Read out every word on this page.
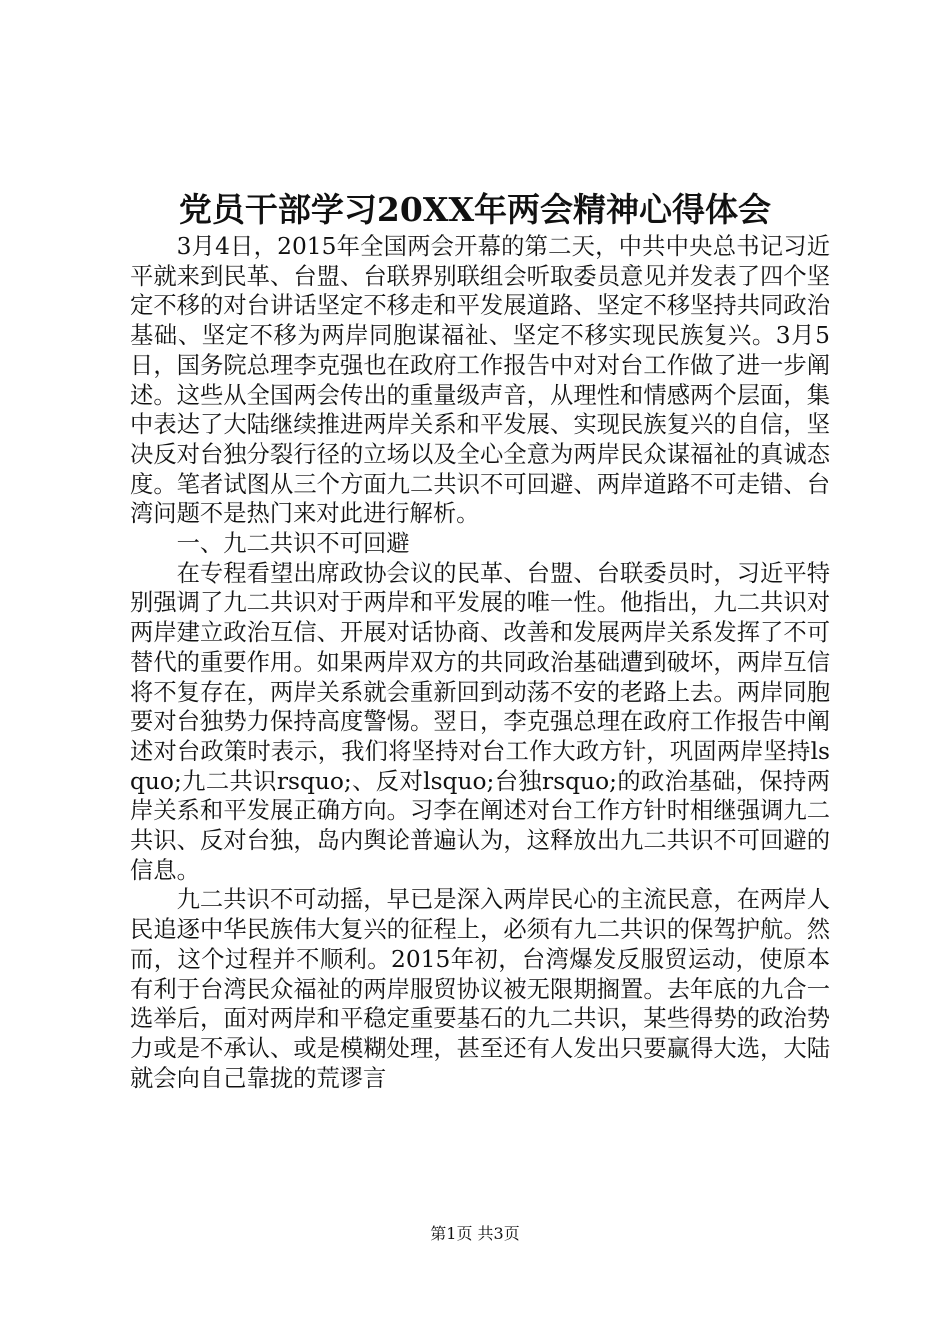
党员干部学习20XX年两会精神心得体会

3月4日，2015年全国两会开幕的第二天，中共中央总书记习近平就来到民革、台盟、台联界别联组会听取委员意见并发表了四个坚定不移的对台讲话坚定不移走和平发展道路、坚定不移坚持共同政治基础、坚定不移为两岸同胞谋福祉、坚定不移实现民族复兴。3月5日，国务院总理李克强也在政府工作报告中对对台工作做了进一步阐述。这些从全国两会传出的重量级声音，从理性和情感两个层面，集中表达了大陆继续推进两岸关系和平发展、实现民族复兴的自信，坚决反对台独分裂行径的立场以及全心全意为两岸民众谋福祉的真诚态度。笔者试图从三个方面九二共识不可回避、两岸道路不可走错、台湾问题不是热门来对此进行解析。

一、九二共识不可回避

在专程看望出席政协会议的民革、台盟、台联委员时，习近平特别强调了九二共识对于两岸和平发展的唯一性。他指出，九二共识对两岸建立政治互信、开展对话协商、改善和发展两岸关系发挥了不可替代的重要作用。如果两岸双方的共同政治基础遭到破坏，两岸互信将不复存在，两岸关系就会重新回到动荡不安的老路上去。两岸同胞要对台独势力保持高度警惕。翌日，李克强总理在政府工作报告中阐述对台政策时表示，我们将坚持对台工作大政方针，巩固两岸坚持lsquo;九二共识rsquo;、反对lsquo;台独rsquo;的政治基础，保持两岸关系和平发展正确方向。习李在阐述对台工作方针时相继强调九二共识、反对台独，岛内舆论普遍认为，这释放出九二共识不可回避的信息。

九二共识不可动摇，早已是深入两岸民心的主流民意，在两岸人民追逐中华民族伟大复兴的征程上，必须有九二共识的保驾护航。然而，这个过程并不顺利。2015年初，台湾爆发反服贸运动，使原本有利于台湾民众福祉的两岸服贸协议被无限期搁置。去年底的九合一选举后，面对两岸和平稳定重要基石的九二共识，某些得势的政治势力或是不承认、或是模糊处理，甚至还有人发出只要赢得大选，大陆就会向自己靠拢的荒谬言

第1页 共3页
